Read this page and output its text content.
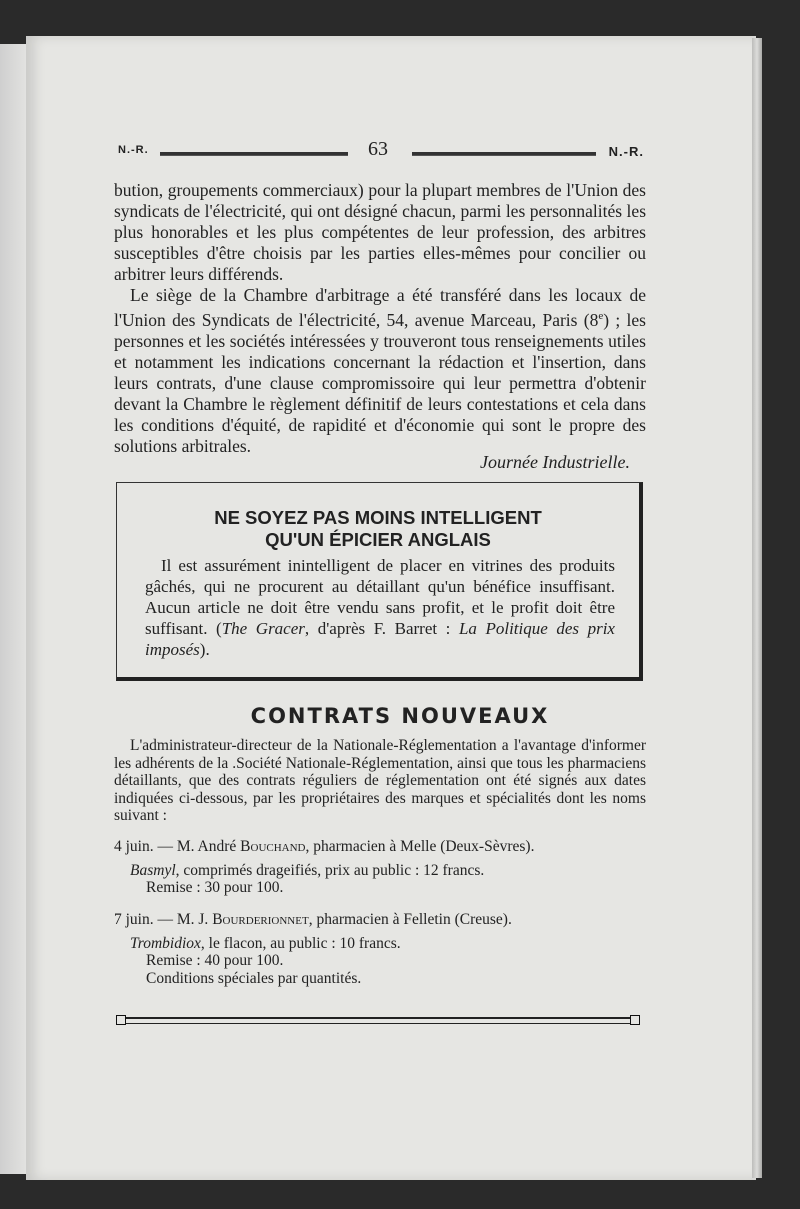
N.-R.	63	N.-R.

bution, groupements commerciaux) pour la plupart membres de l'Union des syndicats de l'électricité, qui ont désigné chacun, parmi les personnalités les plus honorables et les plus compétentes de leur profession, des arbitres susceptibles d'être choisis par les parties elles-mêmes pour concilier ou arbitrer leurs différends.

Le siège de la Chambre d'arbitrage a été transféré dans les locaux de l'Union des Syndicats de l'électricité, 54, avenue Marceau, Paris (8e) ; les personnes et les sociétés intéressées y trouveront tous renseignements utiles et notamment les indications concernant la rédaction et l'insertion, dans leurs contrats, d'une clause compromissoire qui leur permettra d'obtenir devant la Chambre le règlement définitif de leurs contestations et cela dans les conditions d'équité, de rapidité et d'économie qui sont le propre des solutions arbitrales.

Journée Industrielle.
NE SOYEZ PAS MOINS INTELLIGENT
QU'UN ÉPICIER ANGLAIS

Il est assurément inintelligent de placer en vitrines des produits gâchés, qui ne procurent au détaillant qu'un bénéfice insuffisant. Aucun article ne doit être vendu sans profit, et le profit doit être suffisant. (The Gracer, d'après F. Barret : La Politique des prix imposés).

CONTRATS NOUVEAUX

L'administrateur-directeur de la Nationale-Réglementation a l'avantage d'informer les adhérents de la .Société Nationale-Réglementation, ainsi que tous les pharmaciens détaillants, que des contrats réguliers de réglementation ont été signés aux dates indiquées ci-dessous, par les propriétaires des marques et spécialités dont les noms suivant :

4 juin. — M. André Bouchand, pharmacien à Melle (Deux-Sèvres).
Basmyl, comprimés drageifiés, prix au public : 12 francs.
Remise : 30 pour 100.
7 juin. — M. J. Bourderionnet, pharmacien à Felletin (Creuse).
Trombidiox, le flacon, au public : 10 francs.
Remise : 40 pour 100.
Conditions spéciales par quantités.
